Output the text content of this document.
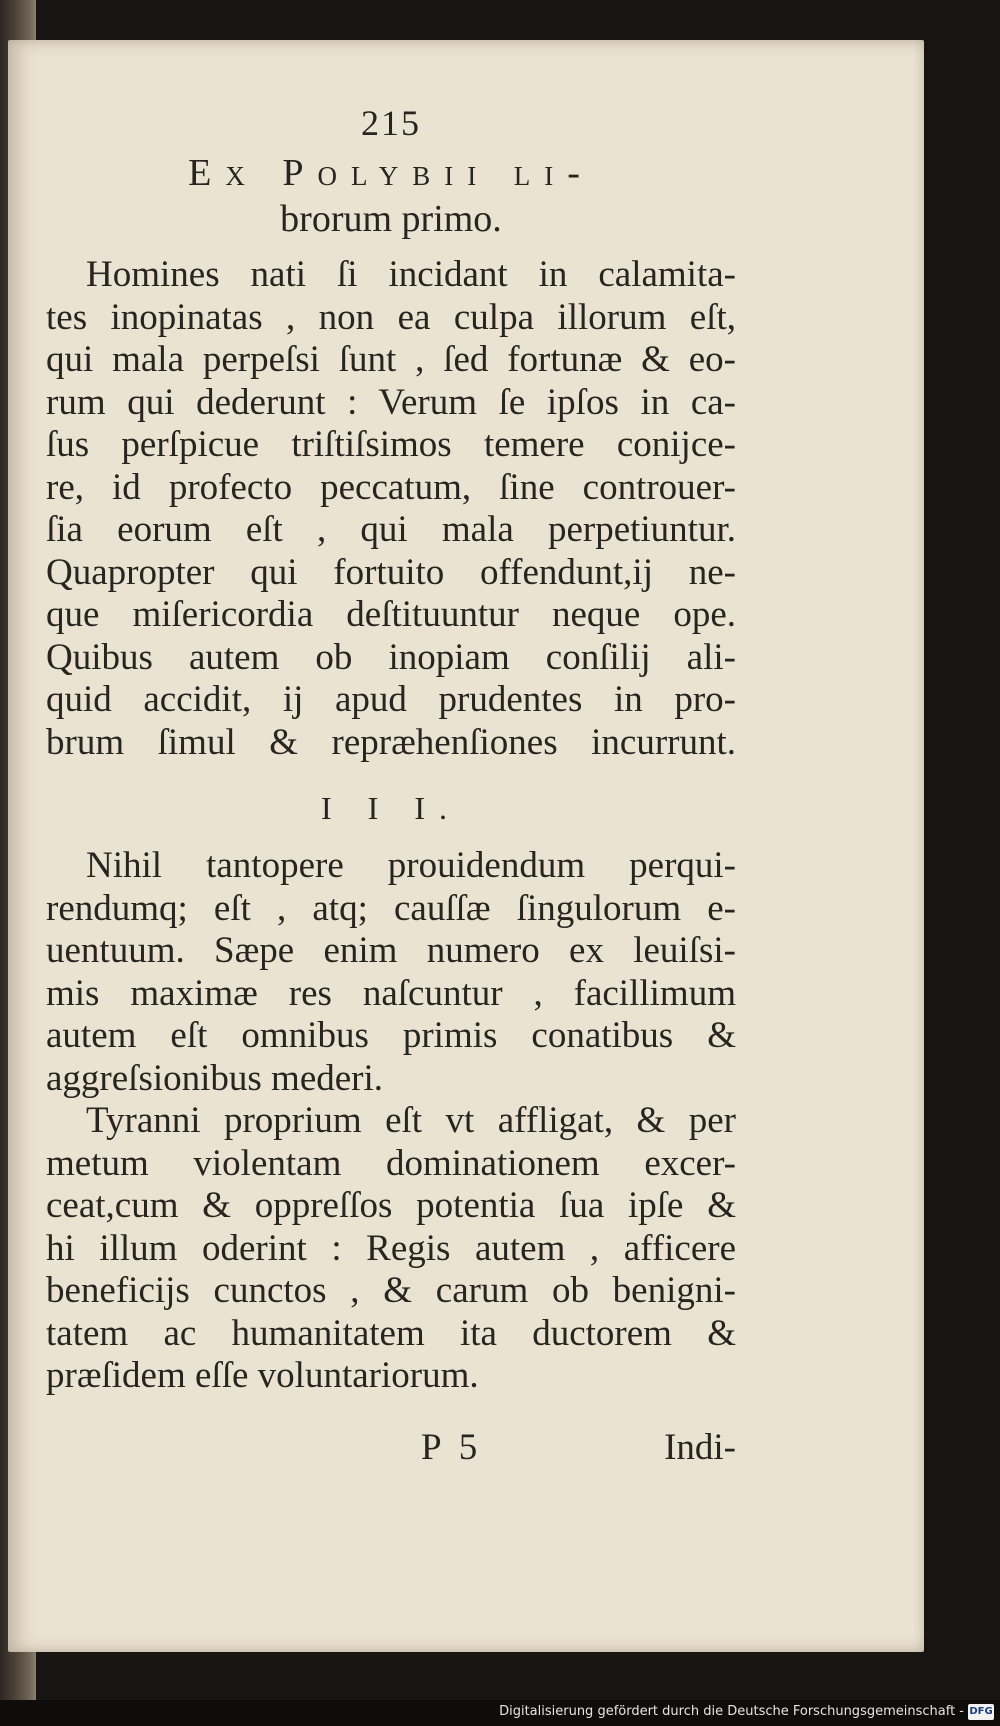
215
Ex Polybii li-
brorum primo.
Homines nati ſi incidant in calamita-
tes inopinatas , non ea culpa illorum eſt,
qui mala perpeſsi ſunt , ſed fortunæ & eo-
rum qui dederunt : Verum ſe ipſos in ca-
ſus perſpicue triſtiſsimos temere conijce-
re, id profecto peccatum, ſine controuer-
ſia eorum eſt , qui mala perpetiuntur.
Quapropter qui fortuito offendunt,ij ne-
que miſericordia deſtituuntur neque ope.
Quibus autem ob inopiam conſilij ali-
quid accidit, ij apud prudentes in pro-
brum ſimul & repræhenſiones incurrunt.
I I I.
Nihil tantopere prouidendum perqui-
rendumq; eſt , atq; cauſſæ ſingulorum e-
uentuum. Sæpe enim numero ex leuiſsi-
mis maximæ res naſcuntur , facillimum
autem eſt omnibus primis conatibus &
aggreſsionibus mederi.
Tyranni proprium eſt vt affligat, & per
metum violentam dominationem excer-
ceat,cum & oppreſſos potentia ſua ipſe &
hi illum oderint : Regis autem , afficere
beneficijs cunctos , & carum ob benigni-
tatem ac humanitatem ita ductorem &
præſidem eſſe voluntariorum.
P  5	Indi-
Digitalisierung gefördert durch die Deutsche Forschungsgemeinschaft - DFG
